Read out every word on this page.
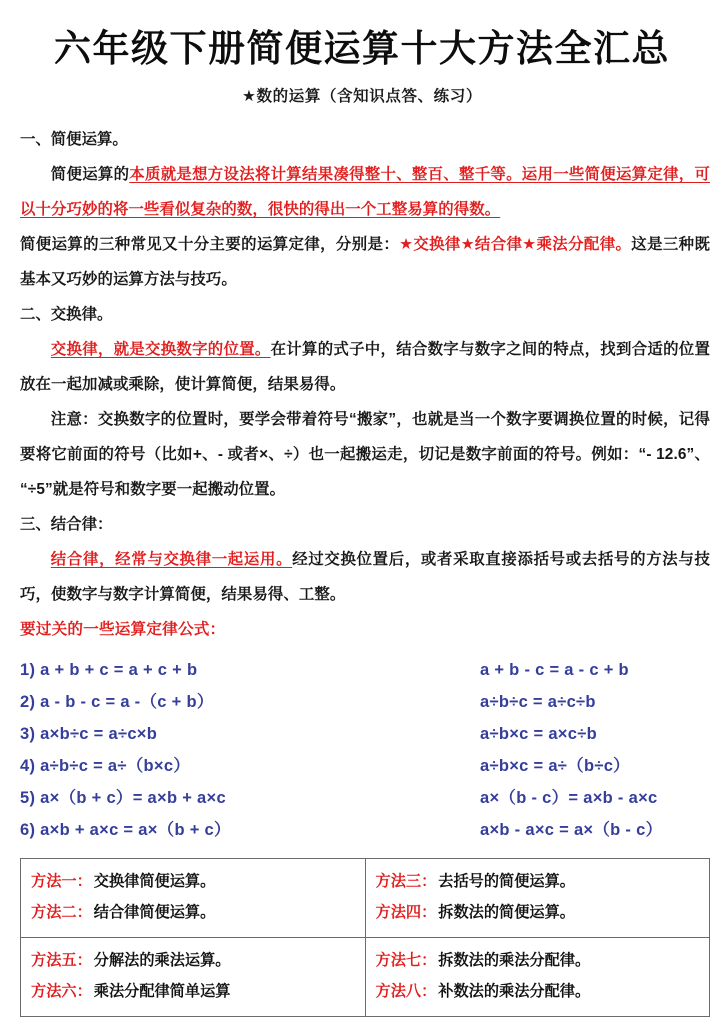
六年级下册简便运算十大方法全汇总
★数的运算（含知识点答、练习）
一、简便运算。

简便运算的本质就是想方设法将计算结果凑得整十、整百、整千等。运用一些简便运算定律，可以十分巧妙的将一些看似复杂的数，很快的得出一个工整易算的得数。

简便运算的三种常见又十分主要的运算定律，分别是：★交换律★结合律★乘法分配律。这是三种既基本又巧妙的运算方法与技巧。

二、交换律。

交换律，就是交换数字的位置。在计算的式子中，结合数字与数字之间的特点，找到合适的位置放在一起加减或乘除，使计算简便，结果易得。

注意：交换数字的位置时，要学会带着符号“搬家”，也就是当一个数字要调换位置的时候，记得要将它前面的符号（比如+、- 或者×、÷）也一起搬运走，切记是数字前面的符号。例如：“- 12.6”、“÷5”就是符号和数字要一起搬动位置。

三、结合律：

结合律，经常与交换律一起运用。经过交换位置后，或者采取直接添括号或去括号的方法与技巧，使数字与数字计算简便，结果易得、工整。

要过关的一些运算定律公式：
1) a + b + c = a + c + b	a + b - c = a - c + b
2) a - b - c = a -（c + b）	a÷b÷c = a÷c÷b
3) a×b÷c = a÷c×b	a÷b×c = a×c÷b
4) a÷b÷c = a÷（b×c）	a÷b×c = a÷（b÷c）
5) a×（b + c）= a×b + a×c	a×（b - c）= a×b - a×c
6) a×b + a×c = a×（b + c）	a×b - a×c = a×（b - c）
方法一： 交换律简便运算。
方法二： 结合律简便运算。

方法三： 去括号的简便运算。
方法四： 拆数法的简便运算。

方法五： 分解法的乘法运算。
方法六： 乘法分配律简单运算

方法七： 拆数法的乘法分配律。
方法八： 补数法的乘法分配律。
